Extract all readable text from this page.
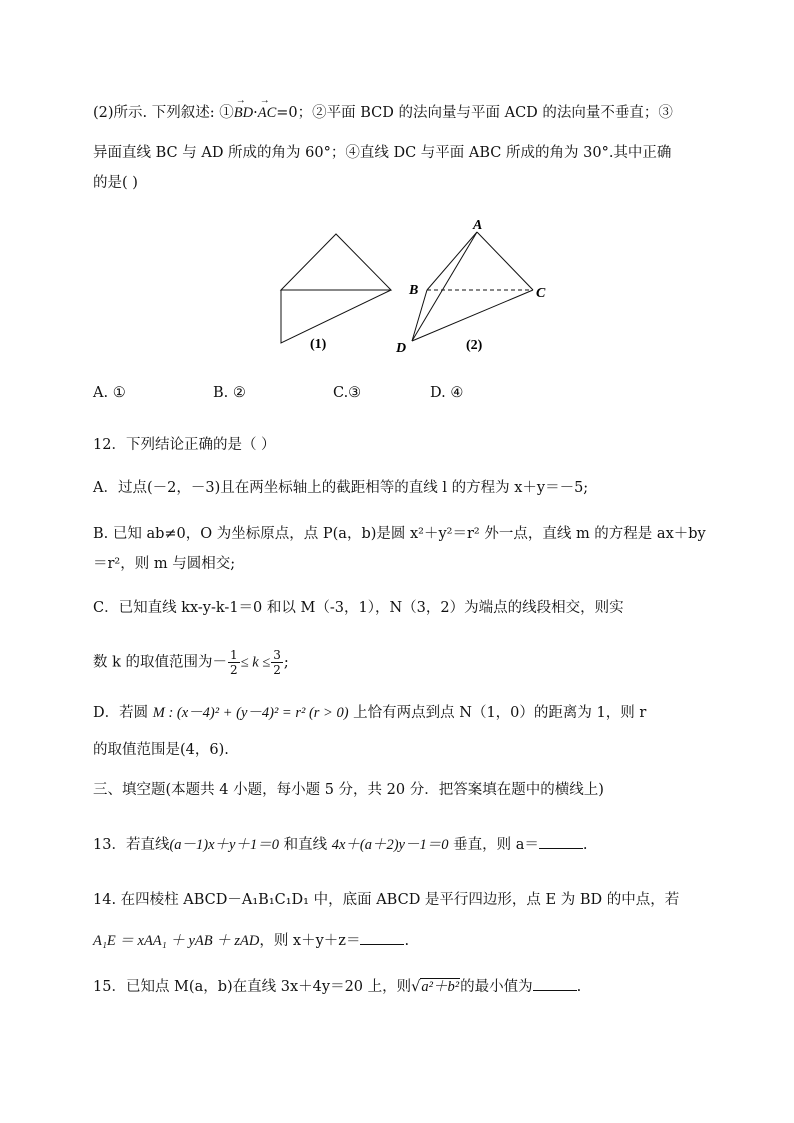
(2)所示. 下列叙述: ①→ BD·→ AC=0；②平面 BCD 的法向量与平面 ACD 的法向量不垂直；③
异面直线 BC 与 AD 所成的角为 60°；④直线 DC 与平面 ABC 所成的角为 30°.其中正确
的是( )
(1)
A
B	C
D	(2)
A. ①	B. ②	C.③	D. ④
12．下列结论正确的是（ ）
A．过点(－2，－3)且在两坐标轴上的截距相等的直线 l 的方程为 x＋y＝－5;
B. 已知 ab≠0，O 为坐标原点，点 P(a，b)是圆 x²＋y²＝r² 外一点，直线 m 的方程是 ax＋by
＝r²，则 m 与圆相交;
C．已知直线 kx-y-k-1＝0 和以 M（-3，1），N（3，2）为端点的线段相交，则实
数 k 的取值范围为－ $\frac{1}{2} \le k \le \frac{3}{2}$ ;
D．若圆 M : (x－4)² + (y－4)² = r² (r > 0) 上恰有两点到点 N（1，0）的距离为 1，则 r
的取值范围是(4，6).
三、填空题(本题共 4 小题，每小题 5 分，共 20 分．把答案填在题中的横线上)
13．若直线(a－1)x＋y＋1＝0 和直线 4x＋(a＋2)y－1＝0 垂直，则 a＝	.
14. 在四棱柱 ABCD－A₁B₁C₁D₁ 中，底面 ABCD 是平行四边形，点 E 为 BD 的中点，若
A₁E ＝ xAA₁ ＋ yAB ＋ zAD，则 x＋y＋z＝	.
15．已知点 M(a，b)在直线 3x＋4y＝20 上，则√a²＋b²的最小值为	.
